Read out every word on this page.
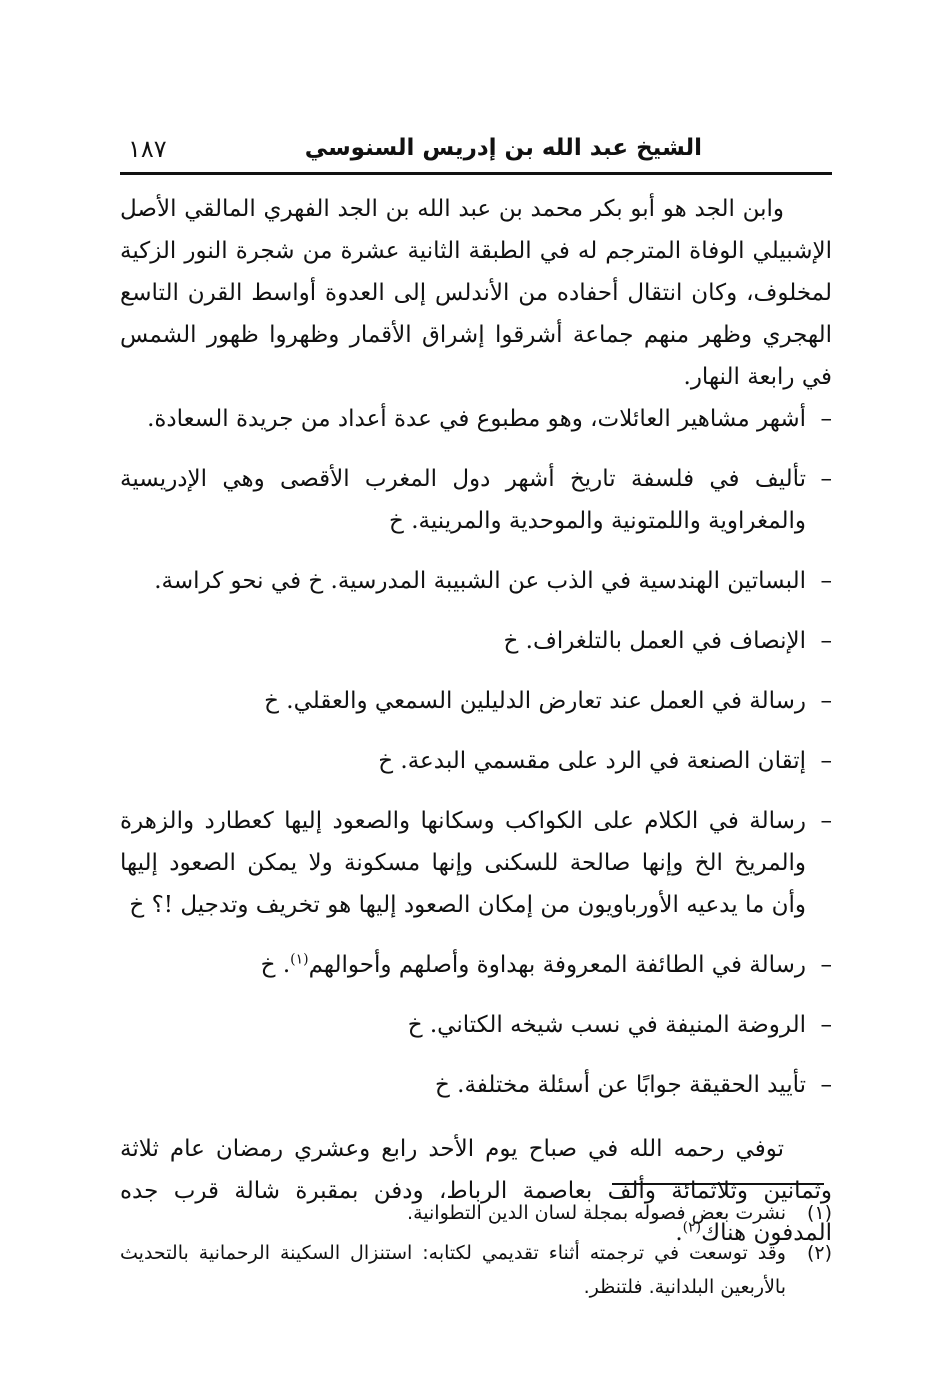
الشيخ عبد الله بن إدريس السنوسي
١٨٧

وابن الجد هو أبو بكر محمد بن عبد الله بن الجد الفهري المالقي الأصل الإشبيلي الوفاة المترجم له في الطبقة الثانية عشرة من شجرة النور الزكية لمخلوف، وكان انتقال أحفاده من الأندلس إلى العدوة أواسط القرن التاسع الهجري وظهر منهم جماعة أشرقوا إشراق الأقمار وظهروا ظهور الشمس في رابعة النهار.

– أشهر مشاهير العائلات، وهو مطبوع في عدة أعداد من جريدة السعادة.
– تأليف في فلسفة تاريخ أشهر دول المغرب الأقصى وهي الإدريسية والمغراوية واللمتونية والموحدية والمرينية. خ
– البساتين الهندسية في الذب عن الشبيبة المدرسية. خ في نحو كراسة.
– الإنصاف في العمل بالتلغراف. خ
– رسالة في العمل عند تعارض الدليلين السمعي والعقلي. خ
– إتقان الصنعة في الرد على مقسمي البدعة. خ
– رسالة في الكلام على الكواكب وسكانها والصعود إليها كعطارد والزهرة والمريخ الخ وإنها صالحة للسكنى وإنها مسكونة ولا يمكن الصعود إليها وأن ما يدعيه الأورباويون من إمكان الصعود إليها هو تخريف وتدجيل !؟ خ
– رسالة في الطائفة المعروفة بهداوة وأصلهم وأحوالهم$^{(١)}$. خ
– الروضة المنيفة في نسب شيخه الكتاني. خ
– تأييد الحقيقة جوابًا عن أسئلة مختلفة. خ

توفي رحمه الله في صباح يوم الأحد رابع وعشري رمضان عام ثلاثة وثمانين وثلاثمائة وألف بعاصمة الرباط، ودفن بمقبرة شالة قرب جده المدفون هناك$^{(٢)}$.

(١)
نشرت بعض فصوله بمجلة لسان الدين التطوانية.
(٢)
وقد توسعت في ترجمته أثناء تقديمي لكتابه: استنزال السكينة الرحمانية بالتحديث بالأربعين البلدانية. فلتنظر.
